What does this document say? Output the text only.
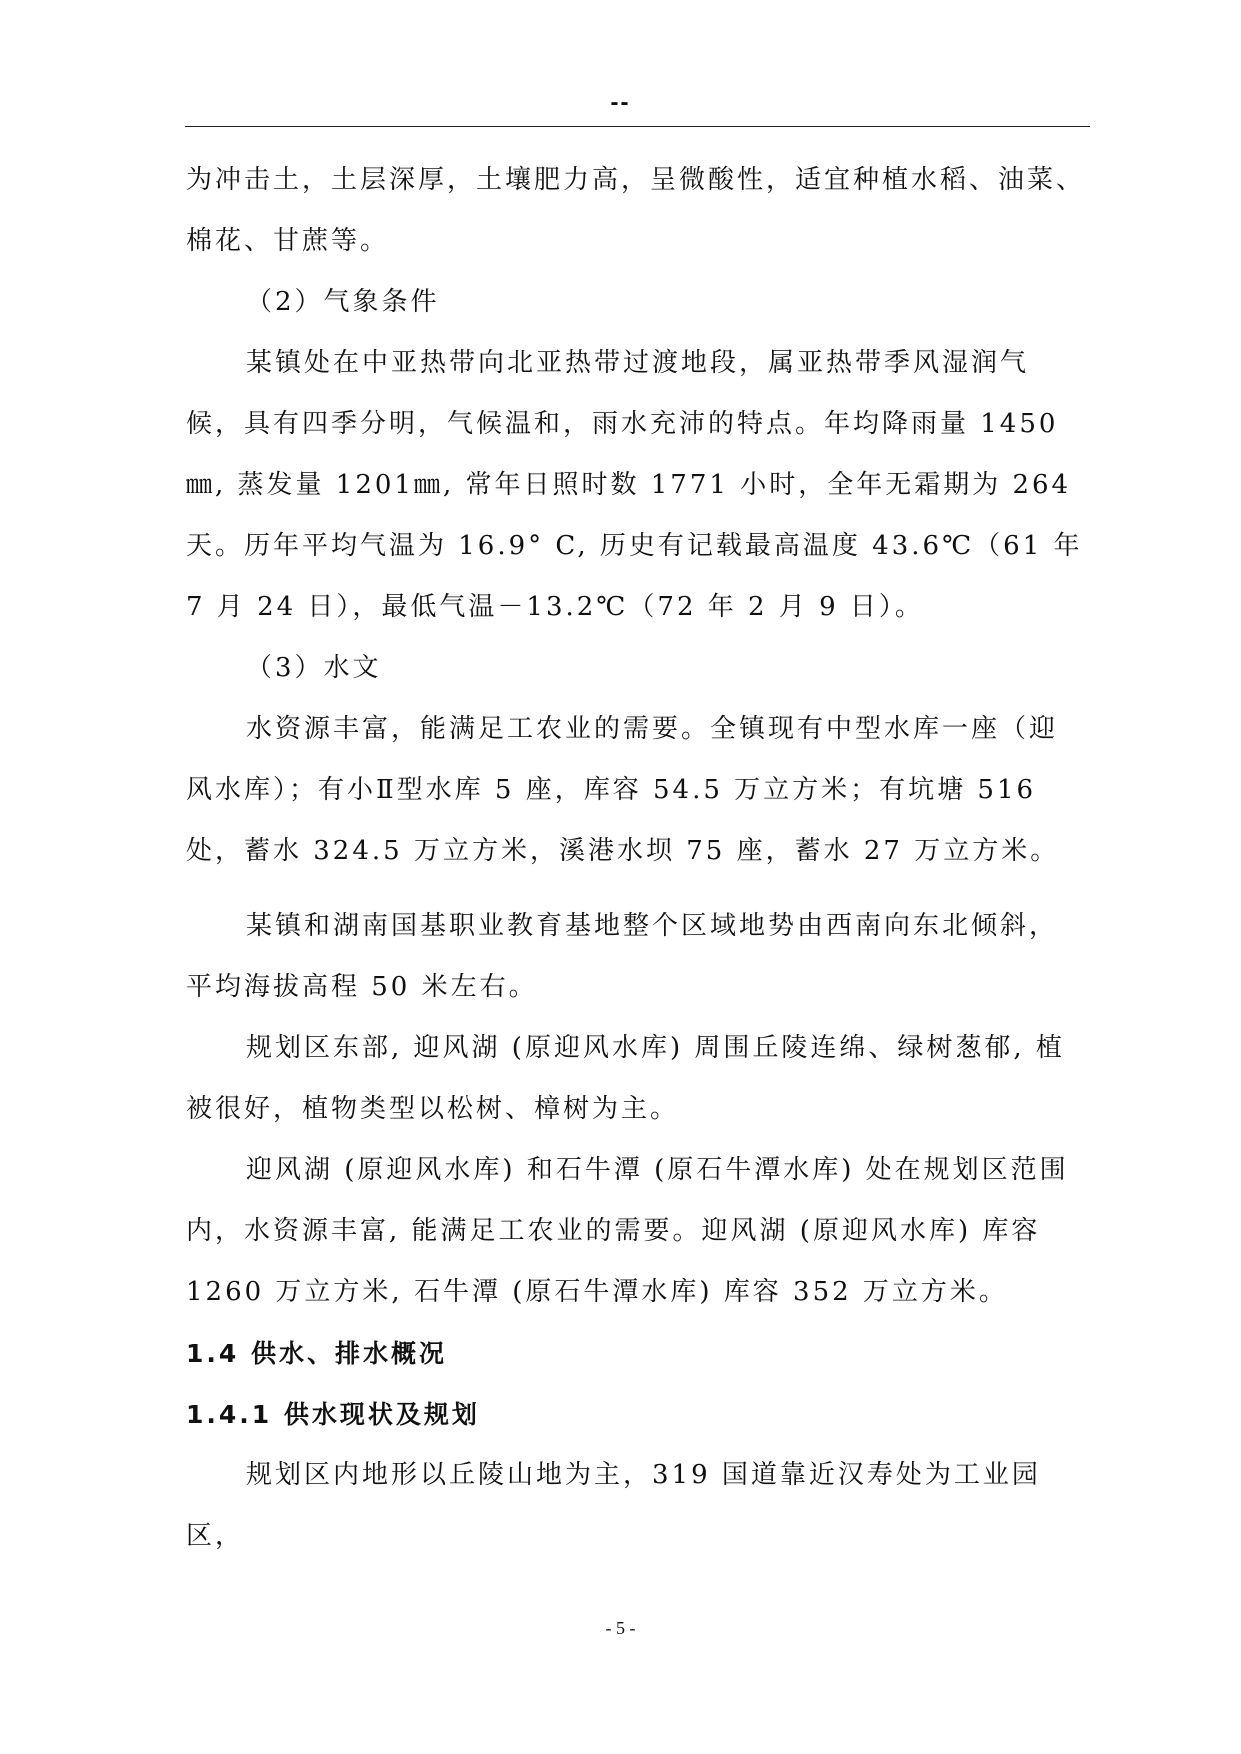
--

为冲击土，土层深厚，土壤肥力高，呈微酸性，适宜种植水稻、油菜、棉花、甘蔗等。

（2）气象条件

某镇处在中亚热带向北亚热带过渡地段，属亚热带季风湿润气候，具有四季分明，气候温和，雨水充沛的特点。年均降雨量 1450㎜, 蒸发量 1201㎜, 常年日照时数 1771 小时，全年无霜期为 264 天。历年平均气温为 16.9° C, 历史有记载最高温度 43.6℃（61 年 7 月 24 日），最低气温－13.2℃（72 年 2 月 9 日）。

（3）水文

水资源丰富，能满足工农业的需要。全镇现有中型水库一座（迎风水库）；有小Ⅱ型水库 5 座，库容 54.5 万立方米；有坑塘 516 处，蓄水 324.5 万立方米，溪港水坝 75 座，蓄水 27 万立方米。

某镇和湖南国基职业教育基地整个区域地势由西南向东北倾斜，平均海拔高程 50 米左右。

规划区东部, 迎风湖 (原迎风水库) 周围丘陵连绵、绿树葱郁, 植被很好，植物类型以松树、樟树为主。

迎风湖 (原迎风水库) 和石牛潭 (原石牛潭水库) 处在规划区范围内，水资源丰富, 能满足工农业的需要。迎风湖 (原迎风水库) 库容 1260 万立方米, 石牛潭 (原石牛潭水库) 库容 352 万立方米。

1.4 供水、排水概况

1.4.1 供水现状及规划

规划区内地形以丘陵山地为主，319 国道靠近汉寿处为工业园区，

- 5 -
